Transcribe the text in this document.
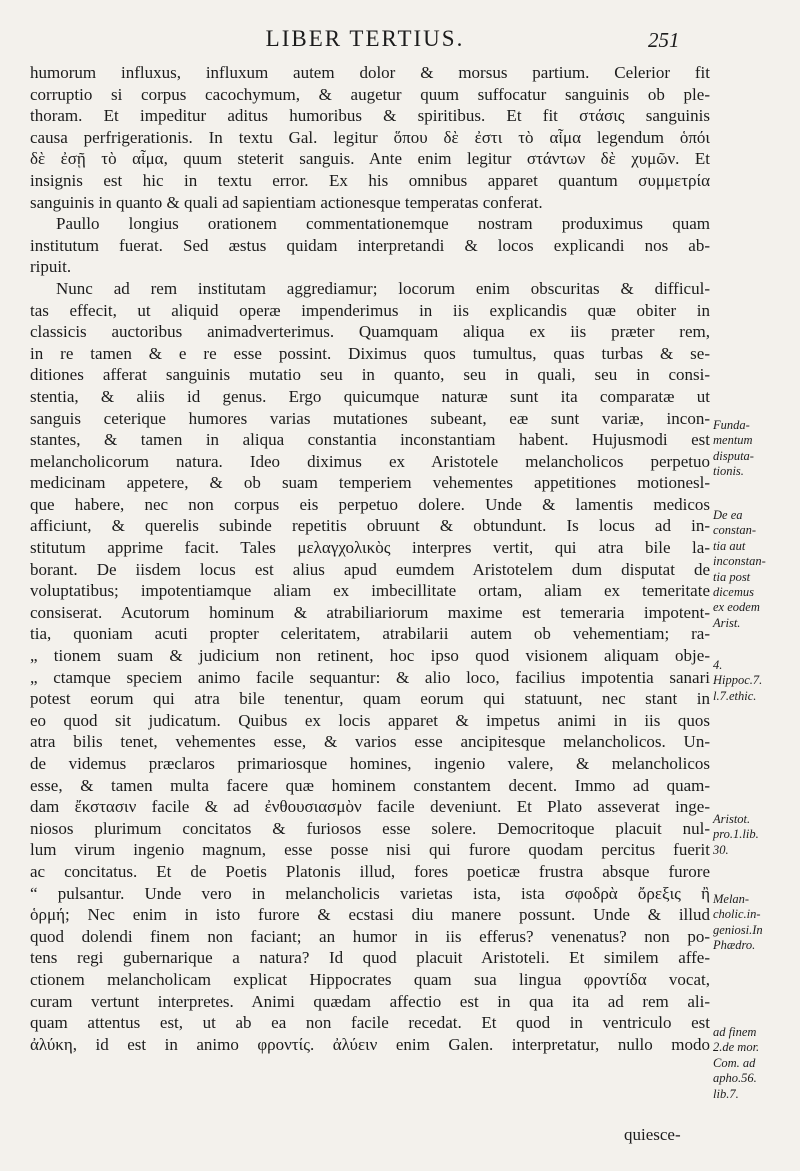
LIBER TERTIUS.	251
humorum influxus, influxum autem dolor & morsus partium. Celerior fit
corruptio si corpus cacochymum, & augetur quum suffocatur sanguinis ob ple-
thoram. Et impeditur aditus humoribus & spiritibus. Et fit στάσις sanguinis
causa perfrigerationis. In textu Gal. legitur ὅπου δὲ ἐστι τὸ αἷμα legendum ὁπόι
δὲ ἐσῇ τὸ αἷμα, quum steterit sanguis. Ante enim legitur στάντων δὲ χυμῶν. Et
insignis est hic in textu error. Ex his omnibus apparet quantum συμμετρία
sanguinis in quanto & quali ad sapientiam actionesque temperatas conferat.
Paullo longius orationem commentationemque nostram produximus quam
institutum fuerat. Sed æstus quidam interpretandi & locos explicandi nos ab-
ripuit.
Nunc ad rem institutam aggrediamur; locorum enim obscuritas & difficul-
tas effecit, ut aliquid operæ impenderimus in iis explicandis quæ obiter in
classicis auctoribus animadverterimus. Quamquam aliqua ex iis præter rem,
in re tamen & e re esse possint. Diximus quos tumultus, quas turbas & se-
ditiones afferat sanguinis mutatio seu in quanto, seu in quali, seu in consi-
stentia, & aliis id genus. Ergo quicumque naturæ sunt ita comparatæ ut
sanguis ceterique humores varias mutationes subeant, eæ sunt variæ, incon-
stantes, & tamen in aliqua constantia inconstantiam habent. Hujusmodi est
melancholicorum natura. Ideo diximus ex Aristotele melancholicos perpetuo
medicinam appetere, & ob suam temperiem vehementes appetitiones motionesl-
que habere, nec non corpus eis perpetuo dolere. Unde & lamentis medicos
afficiunt, & querelis subinde repetitis obruunt & obtundunt. Is locus ad in-
stitutum apprime facit. Tales μελαγχολικὸς interpres vertit, qui atra bile la-
borant. De iisdem locus est alius apud eumdem Aristotelem dum disputat de
voluptatibus; impotentiamque aliam ex imbecillitate ortam, aliam ex temeritate
consiserat. Acutorum hominum & atrabiliariorum maxime est temeraria impotent-
tia, quoniam acuti propter celeritatem, atrabilarii autem ob vehementiam; ra-
„ tionem suam & judicium non retinent, hoc ipso quod visionem aliquam obje-
„ ctamque speciem animo facile sequantur: & alio loco, facilius impotentia sanari
potest eorum qui atra bile tenentur, quam eorum qui statuunt, nec stant in
eo quod sit judicatum. Quibus ex locis apparet & impetus animi in iis quos
atra bilis tenet, vehementes esse, & varios esse ancipitesque melancholicos. Un-
de videmus præclaros primariosque homines, ingenio valere, & melancholicos
esse, & tamen multa facere quæ hominem constantem decent. Immo ad quam-
dam ἔκστασιν facile & ad ἐνθουσιασμὸν facile deveniunt. Et Plato asseverat inge-
niosos plurimum concitatos & furiosos esse solere. Democritoque placuit nul-
lum virum ingenio magnum, esse posse nisi qui furore quodam percitus fuerit
ac concitatus. Et de Poetis Platonis illud, fores poeticæ frustra absque furore
“ pulsantur. Unde vero in melancholicis varietas ista, ista σφοδρὰ ὄρεξις ἢ
ὁρμή; Nec enim in isto furore & ecstasi diu manere possunt. Unde & illud
quod dolendi finem non faciant; an humor in iis efferus? venenatus? non po-
tens regi gubernarique a natura? Id quod placuit Aristoteli. Et similem affe-
ctionem melancholicam explicat Hippocrates quam sua lingua φροντίδα vocat,
curam vertunt interpretes. Animi quædam affectio est in qua ita ad rem ali-
quam attentus est, ut ab ea non facile recedat. Et quod in ventriculo est
ἀλύκη, id est in animo φροντίς. ἀλύειν enim Galen. interpretatur, nullo modo
Funda-
mentum
disputa-
tionis.
De ea
constan-
tia aut
inconstan-
tia post
dicemus
ex eodem
Arist.
4.
Hippoc.7.
l.7.ethic.
Aristot.
pro.1.lib.
30.
Melan-
cholic.in-
geniosi.In
Phædro.
ad finem
2.de mor.
Com. ad
apho.56.
lib.7.
quiesce-
